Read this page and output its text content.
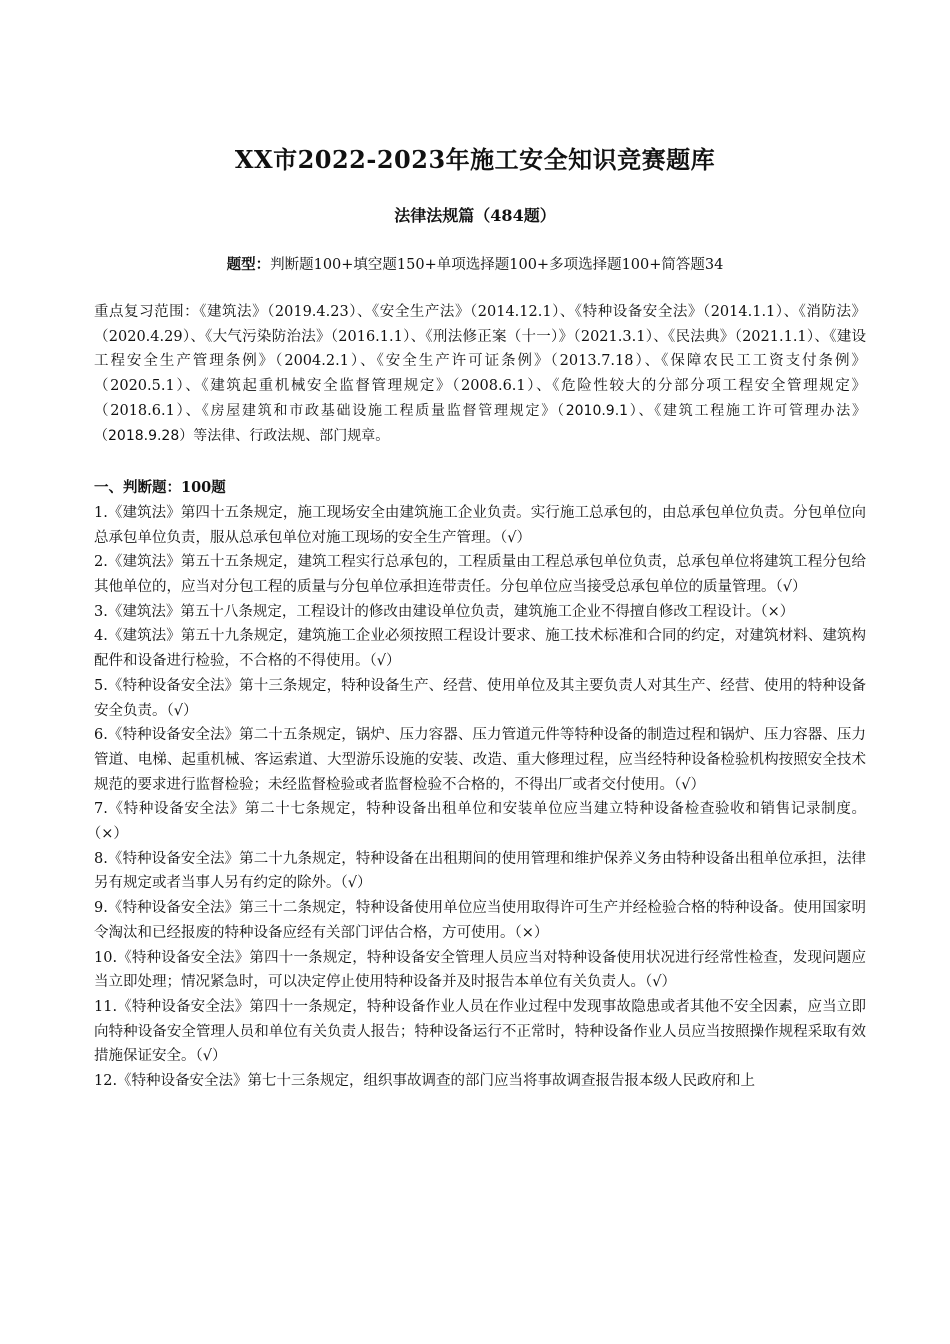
XX市2022-2023年施工安全知识竞赛题库
法律法规篇（484题）
题型：判断题100+填空题150+单项选择题100+多项选择题100+简答题34

重点复习范围：《建筑法》（2019.4.23）、《安全生产法》（2014.12.1）、《特种设备安全法》（2014.1.1）、《消防法》（2020.4.29）、《大气污染防治法》（2016.1.1）、《刑法修正案（十一）》（2021.3.1）、《民法典》（2021.1.1）、《建设工程安全生产管理条例》（2004.2.1）、《安全生产许可证条例》（2013.7.18）、《保障农民工工资支付条例》（2020.5.1）、《建筑起重机械安全监督管理规定》（2008.6.1）、《危险性较大的分部分项工程安全管理规定》（2018.6.1）、《房屋建筑和市政基础设施工程质量监督管理规定》（2010.9.1）、《建筑工程施工许可管理办法》（2018.9.28）等法律、行政法规、部门规章。

一、判断题：100题

1.《建筑法》第四十五条规定，施工现场安全由建筑施工企业负责。实行施工总承包的，由总承包单位负责。分包单位向总承包单位负责，服从总承包单位对施工现场的安全生产管理。（√）

2.《建筑法》第五十五条规定，建筑工程实行总承包的，工程质量由工程总承包单位负责，总承包单位将建筑工程分包给其他单位的，应当对分包工程的质量与分包单位承担连带责任。分包单位应当接受总承包单位的质量管理。（√）

3.《建筑法》第五十八条规定，工程设计的修改由建设单位负责，建筑施工企业不得擅自修改工程设计。（×）

4.《建筑法》第五十九条规定，建筑施工企业必须按照工程设计要求、施工技术标准和合同的约定，对建筑材料、建筑构配件和设备进行检验，不合格的不得使用。（√）

5.《特种设备安全法》第十三条规定，特种设备生产、经营、使用单位及其主要负责人对其生产、经营、使用的特种设备安全负责。（√）

6.《特种设备安全法》第二十五条规定，锅炉、压力容器、压力管道元件等特种设备的制造过程和锅炉、压力容器、压力管道、电梯、起重机械、客运索道、大型游乐设施的安装、改造、重大修理过程，应当经特种设备检验机构按照安全技术规范的要求进行监督检验；未经监督检验或者监督检验不合格的，不得出厂或者交付使用。（√）

7.《特种设备安全法》第二十七条规定，特种设备出租单位和安装单位应当建立特种设备检查验收和销售记录制度。（×）

8.《特种设备安全法》第二十九条规定，特种设备在出租期间的使用管理和维护保养义务由特种设备出租单位承担，法律另有规定或者当事人另有约定的除外。（√）

9.《特种设备安全法》第三十二条规定，特种设备使用单位应当使用取得许可生产并经检验合格的特种设备。使用国家明令淘汰和已经报废的特种设备应经有关部门评估合格，方可使用。（×）

10.《特种设备安全法》第四十一条规定，特种设备安全管理人员应当对特种设备使用状况进行经常性检查，发现问题应当立即处理；情况紧急时，可以决定停止使用特种设备并及时报告本单位有关负责人。（√）

11.《特种设备安全法》第四十一条规定，特种设备作业人员在作业过程中发现事故隐患或者其他不安全因素，应当立即向特种设备安全管理人员和单位有关负责人报告；特种设备运行不正常时，特种设备作业人员应当按照操作规程采取有效措施保证安全。（√）

12.《特种设备安全法》第七十三条规定，组织事故调查的部门应当将事故调查报告报本级人民政府和上
